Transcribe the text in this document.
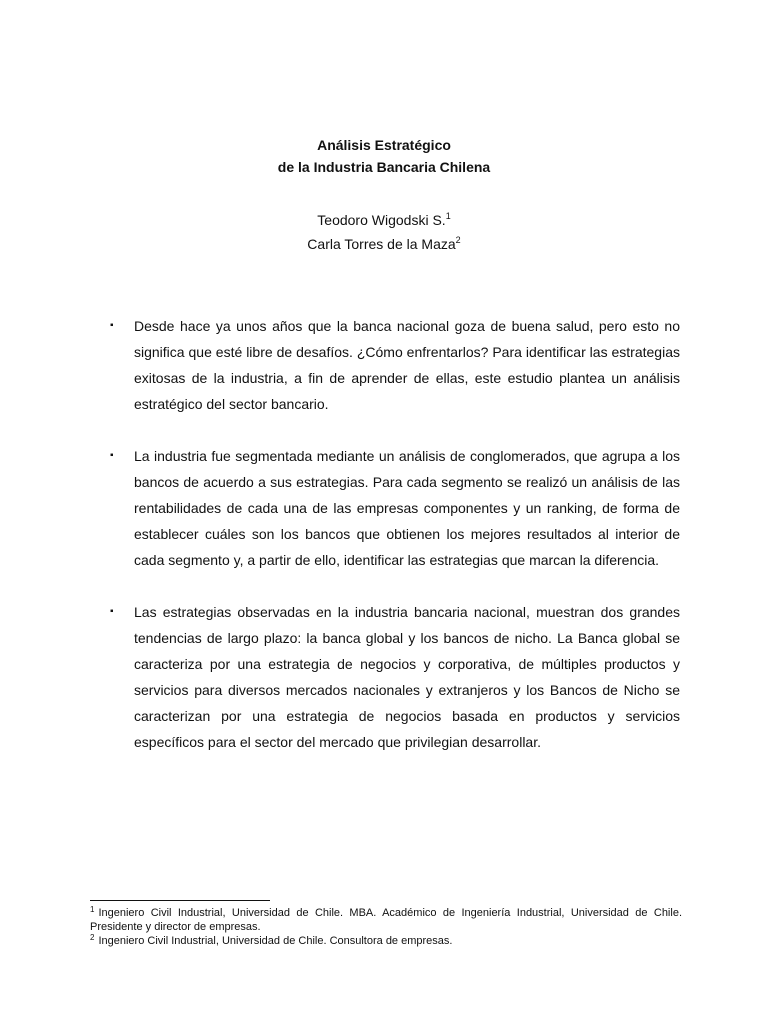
Análisis Estratégico
de la Industria Bancaria Chilena
Teodoro Wigodski S.$^1$
Carla Torres de la Maza$^2$
▪	Desde hace ya unos años que la banca nacional goza de buena salud, pero esto no significa que esté libre de desafíos. ¿Cómo enfrentarlos? Para identificar las estrategias exitosas de la industria, a fin de aprender de ellas, este estudio plantea un análisis estratégico del sector bancario.
▪	La industria fue segmentada mediante un análisis de conglomerados, que agrupa a los bancos de acuerdo a sus estrategias. Para cada segmento se realizó un análisis de las rentabilidades de cada una de las empresas componentes y un ranking, de forma de establecer cuáles son los bancos que obtienen los mejores resultados al interior de cada segmento y, a partir de ello, identificar las estrategias que marcan la diferencia.
▪	Las estrategias observadas en la industria bancaria nacional, muestran dos grandes tendencias de largo plazo: la banca global y los bancos de nicho. La Banca global se caracteriza por una estrategia de negocios y corporativa, de múltiples productos y servicios para diversos mercados nacionales y extranjeros y los Bancos de Nicho se caracterizan por una estrategia de negocios basada en productos y servicios específicos para el sector del mercado que privilegian desarrollar.
$^1$ Ingeniero Civil Industrial, Universidad de Chile. MBA. Académico de Ingeniería Industrial, Universidad de Chile. Presidente y director de empresas.
$^2$ Ingeniero Civil Industrial, Universidad de Chile. Consultora de empresas.
